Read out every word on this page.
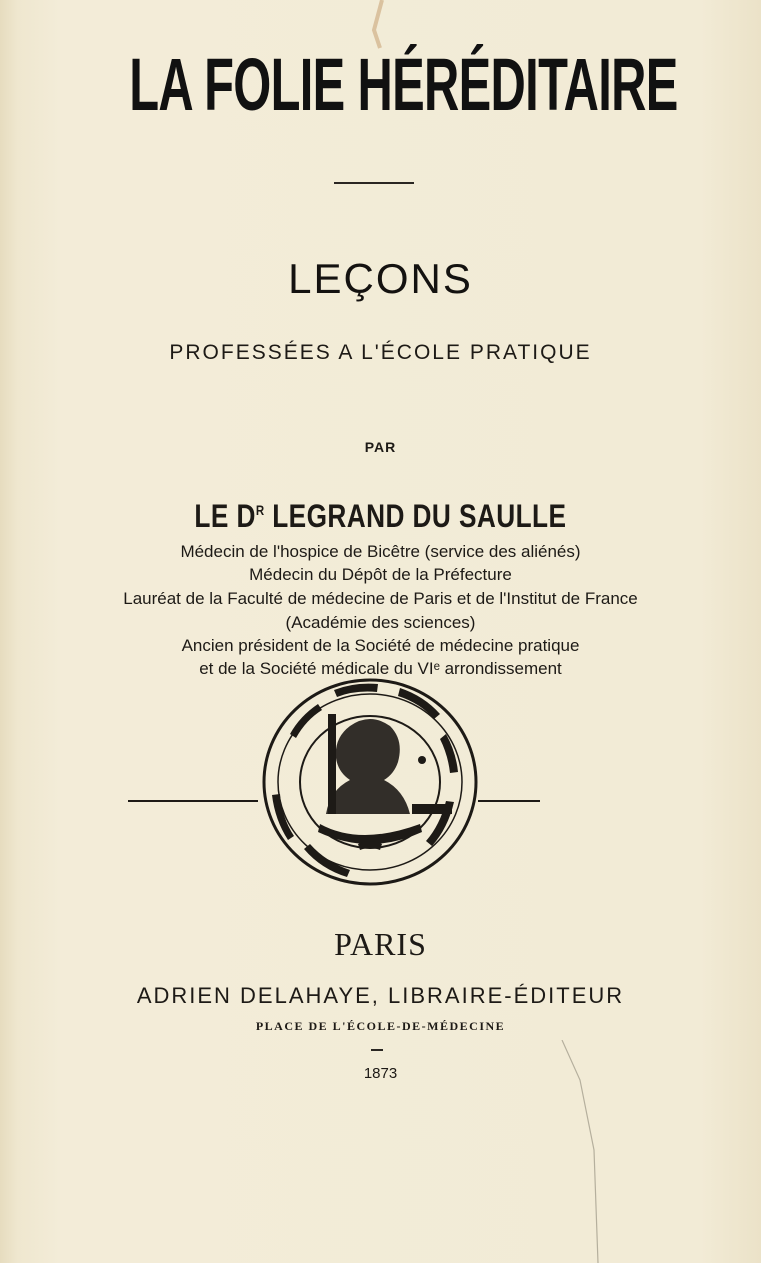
LA FOLIE HÉRÉDITAIRE
LEÇONS
PROFESSÉES A L'ÉCOLE PRATIQUE
PAR
LE $D^R$ LEGRAND DU SAULLE
Médecin de l'hospice de Bicêtre (service des aliénés)
Médecin du Dépôt de la Préfecture
Lauréat de la Faculté de médecine de Paris et de l'Institut de France
(Académie des sciences)
Ancien président de la Société de médecine pratique
et de la Société médicale du VIᵉ arrondissement
PARIS
ADRIEN DELAHAYE, LIBRAIRE-ÉDITEUR
PLACE DE L'ÉCOLE-DE-MÉDECINE
1873
